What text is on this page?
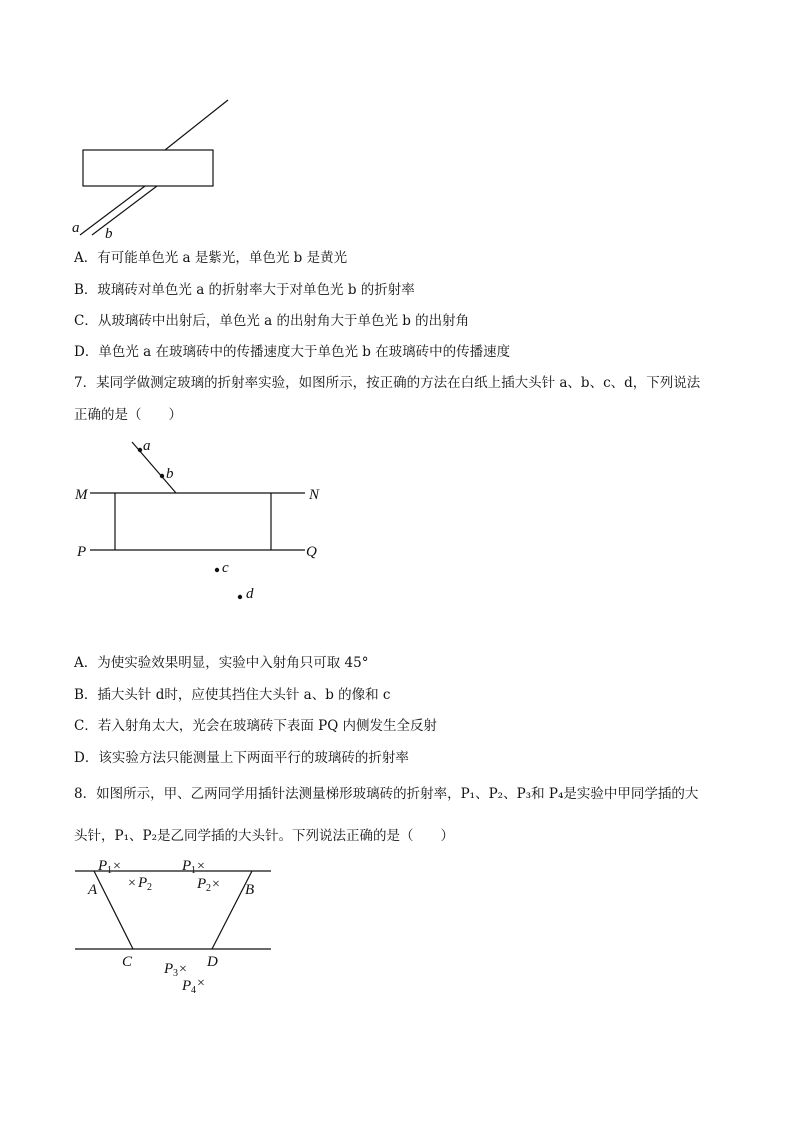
a b
A．有可能单色光 a 是紫光，单色光 b 是黄光
B．玻璃砖对单色光 a 的折射率大于对单色光 b 的折射率
C．从玻璃砖中出射后，单色光 a 的出射角大于单色光 b 的出射角
D．单色光 a 在玻璃砖中的传播速度大于单色光 b 在玻璃砖中的传播速度
7．某同学做测定玻璃的折射率实验，如图所示，按正确的方法在白纸上插大头针 a、b、c、d，下列说法
正确的是（　　）
a
b
c
d
M	N
P	Q
A．为使实验效果明显，实验中入射角只可取 45°
B．插大头针 d时，应使其挡住大头针 a、b 的像和 c
C．若入射角太大，光会在玻璃砖下表面 PQ 内侧发生全反射
D．该实验方法只能测量上下两面平行的玻璃砖的折射率
8．如图所示，甲、乙两同学用插针法测量梯形玻璃砖的折射率，P₁、P₂、P₃和 P₄是实验中甲同学插的大
头针，P₁、P₂是乙同学插的大头针。下列说法正确的是（　　）
A	B
C	D
P 1 ×
× P 2
P 1 ×
P 2 ×
P 3 ×
P 4 ×
